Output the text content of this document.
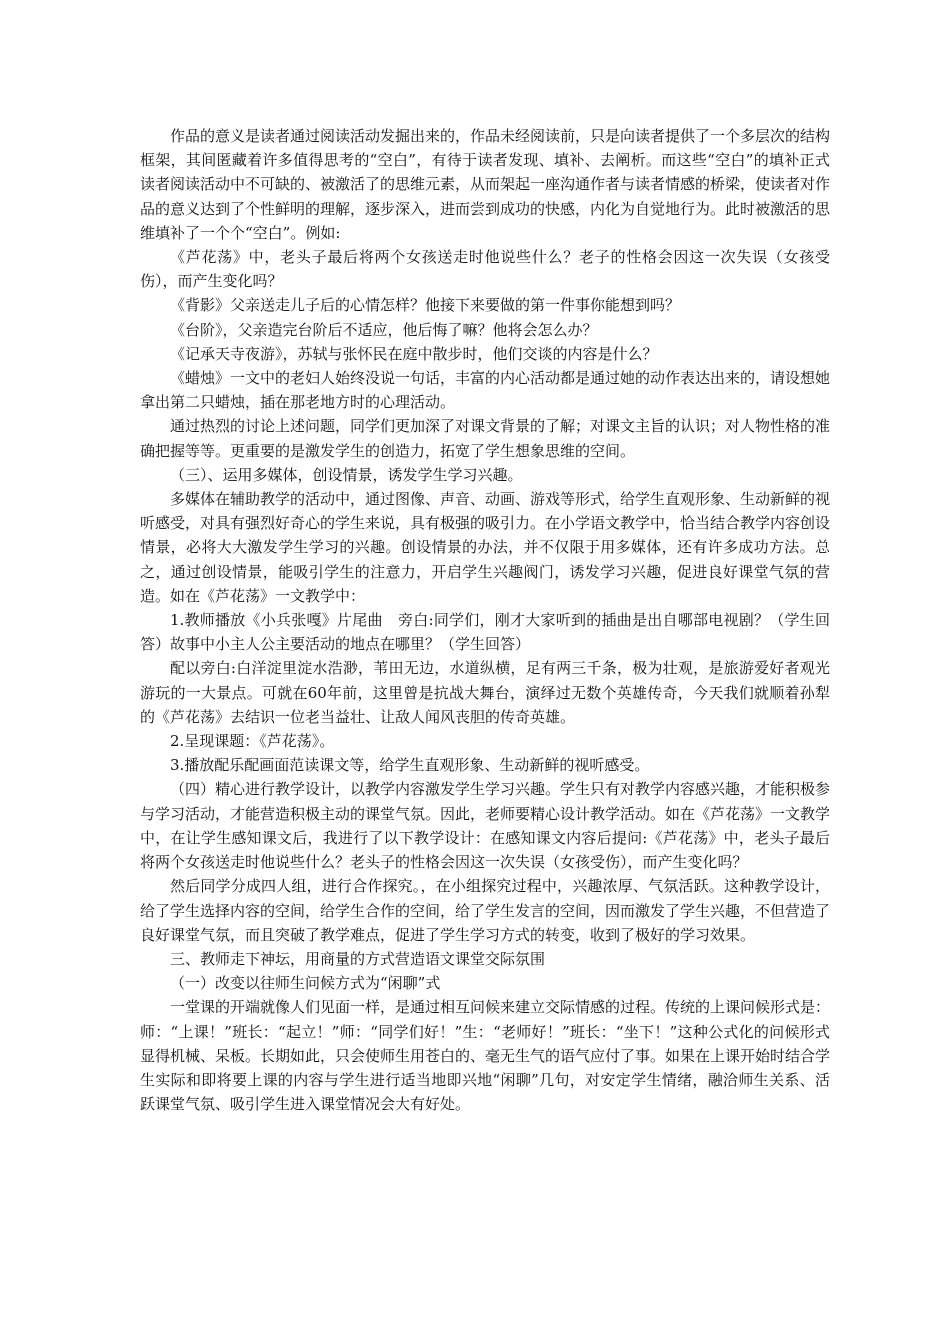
作品的意义是读者通过阅读活动发掘出来的，作品未经阅读前，只是向读者提供了一个多层次的结构框架，其间匿藏着许多值得思考的“空白”，有待于读者发现、填补、去阐析。而这些“空白”的填补正式读者阅读活动中不可缺的、被激活了的思维元素，从而架起一座沟通作者与读者情感的桥梁，使读者对作品的意义达到了个性鲜明的理解，逐步深入，进而尝到成功的快感，内化为自觉地行为。此时被激活的思维填补了一个个“空白”。例如:

《芦花荡》中，老头子最后将两个女孩送走时他说些什么？老子的性格会因这一次失误（女孩受伤），而产生变化吗？

《背影》父亲送走儿子后的心情怎样？他接下来要做的第一件事你能想到吗？

《台阶》，父亲造完台阶后不适应，他后悔了嘛？他将会怎么办？

《记承天寺夜游》，苏轼与张怀民在庭中散步时，他们交谈的内容是什么？

《蜡烛》一文中的老妇人始终没说一句话，丰富的内心活动都是通过她的动作表达出来的，请设想她拿出第二只蜡烛，插在那老地方时的心理活动。

通过热烈的讨论上述问题，同学们更加深了对课文背景的了解；对课文主旨的认识；对人物性格的准确把握等等。更重要的是激发学生的创造力，拓宽了学生想象思维的空间。

（三）、运用多媒体，创设情景，诱发学生学习兴趣。

多媒体在辅助教学的活动中，通过图像、声音、动画、游戏等形式，给学生直观形象、生动新鲜的视听感受，对具有强烈好奇心的学生来说，具有极强的吸引力。在小学语文教学中，恰当结合教学内容创设情景，必将大大激发学生学习的兴趣。创设情景的办法，并不仅限于用多媒体，还有许多成功方法。总之，通过创设情景，能吸引学生的注意力，开启学生兴趣阀门，诱发学习兴趣，促进良好课堂气氛的营造。如在《芦花荡》一文教学中：

1.教师播放《小兵张嘎》片尾曲　旁白:同学们，刚才大家听到的插曲是出自哪部电视剧？（学生回答）故事中小主人公主要活动的地点在哪里？（学生回答）

配以旁白:白洋淀里淀水浩渺，苇田无边，水道纵横，足有两三千条，极为壮观，是旅游爱好者观光游玩的一大景点。可就在60年前，这里曾是抗战大舞台，演绎过无数个英雄传奇，今天我们就顺着孙犁的《芦花荡》去结识一位老当益壮、让敌人闻风丧胆的传奇英雄。

2.呈现课题：《芦花荡》。

3.播放配乐配画面范读课文等，给学生直观形象、生动新鲜的视听感受。

（四）精心进行教学设计，以教学内容激发学生学习兴趣。学生只有对教学内容感兴趣，才能积极参与学习活动，才能营造积极主动的课堂气氛。因此，老师要精心设计教学活动。如在《芦花荡》一文教学中，在让学生感知课文后，我进行了以下教学设计：在感知课文内容后提问:《芦花荡》中，老头子最后将两个女孩送走时他说些什么？老头子的性格会因这一次失误（女孩受伤），而产生变化吗？

然后同学分成四人组，进行合作探究。，在小组探究过程中，兴趣浓厚、气氛活跃。这种教学设计，给了学生选择内容的空间，给学生合作的空间，给了学生发言的空间，因而激发了学生兴趣，不但营造了良好课堂气氛，而且突破了教学难点，促进了学生学习方式的转变，收到了极好的学习效果。

三、教师走下神坛，用商量的方式营造语文课堂交际氛围

（一）改变以往师生问候方式为“闲聊”式

一堂课的开端就像人们见面一样，是通过相互问候来建立交际情感的过程。传统的上课问候形式是：师：“上课！”班长：“起立！”师：“同学们好！”生：“老师好！”班长：“坐下！”这种公式化的问候形式显得机械、呆板。长期如此，只会使师生用苍白的、毫无生气的语气应付了事。如果在上课开始时结合学生实际和即将要上课的内容与学生进行适当地即兴地“闲聊”几句，对安定学生情绪，融洽师生关系、活跃课堂气氛、吸引学生进入课堂情况会大有好处。
